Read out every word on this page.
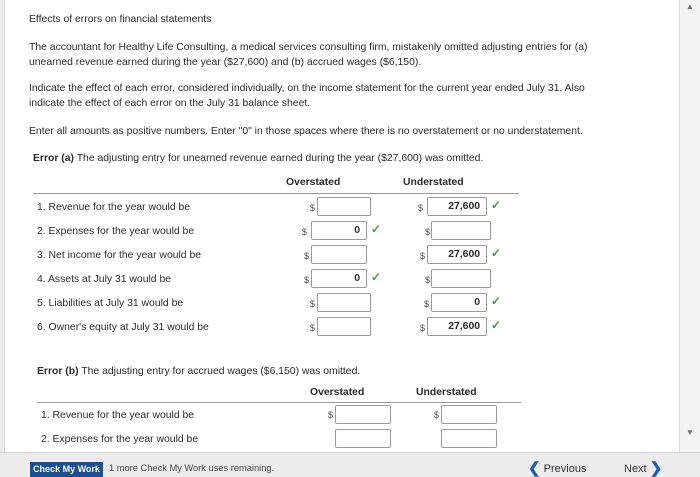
Effects of errors on financial statements
The accountant for Healthy Life Consulting, a medical services consulting firm, mistakenly omitted adjusting entries for (a)
unearned revenue earned during the year ($27,600) and (b) accrued wages ($6,150).
Indicate the effect of each error, considered individually, on the income statement for the current year ended July 31. Also
indicate the effect of each error on the July 31 balance sheet.
Enter all amounts as positive numbers. Enter "0" in those spaces where there is no overstatement or no understatement.
Error (a) The adjusting entry for unearned revenue earned during the year ($27,600) was omitted.
Overstated	Understated
1. Revenue for the year would be	$	$	27,600 ✓
2. Expenses for the year would be	$	0 ✓	$
3. Net income for the year would be	$	$	27,600 ✓
4. Assets at July 31 would be	$	0 ✓	$
5. Liabilities at July 31 would be	$	$	0 ✓
6. Owner's equity at July 31 would be	$	$	27,600 ✓
Error (b) The adjusting entry for accrued wages ($6,150) was omitted.
Overstated	Understated
1. Revenue for the year would be	$	$
2. Expenses for the year would be
▲
▼
Check My Work 1 more Check My Work uses remaining.	❮ Previous	Next ❯
